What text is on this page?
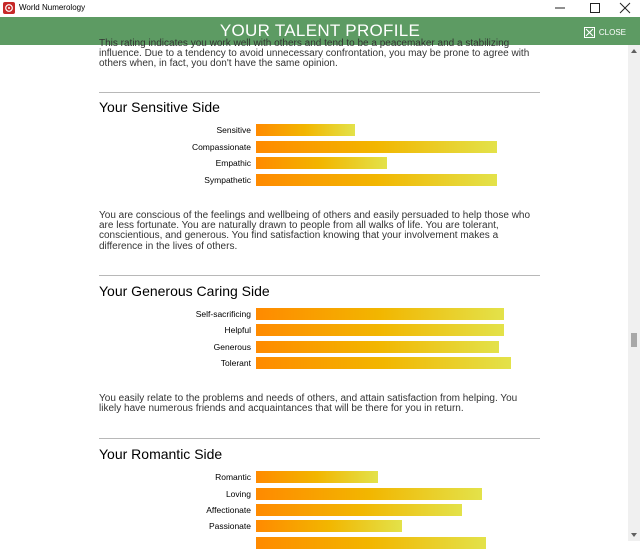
World Numerology
YOUR TALENT PROFILE	CLOSE
This rating indicates you work well with others and tend to be a peacemaker and a stabilizing influence. Due to a tendency to avoid unnecessary confrontation, you may be prone to agree with others when, in fact, you don't have the same opinion.
Your Sensitive Side
Sensitive
Compassionate
Empathic
Sympathetic
You are conscious of the feelings and wellbeing of others and easily persuaded to help those who are less fortunate. You are naturally drawn to people from all walks of life. You are tolerant, conscientious, and generous. You find satisfaction knowing that your involvement makes a difference in the lives of others.
Your Generous Caring Side
Self-sacrificing
Helpful
Generous
Tolerant
You easily relate to the problems and needs of others, and attain satisfaction from helping. You likely have numerous friends and acquaintances that will be there for you in return.
Your Romantic Side
Romantic
Loving
Affectionate
Passionate
